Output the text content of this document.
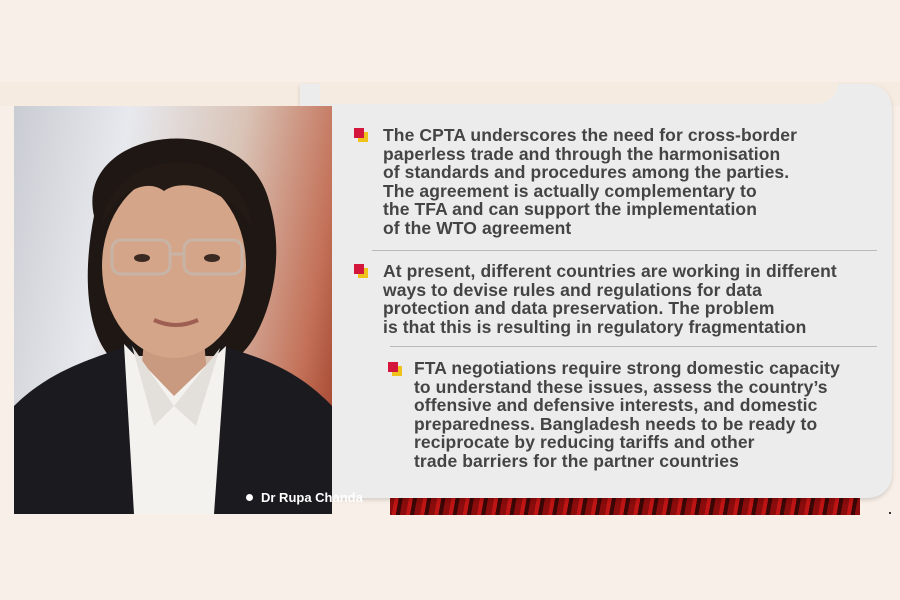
Dr Rupa Chanda
The CPTA underscores the need for cross-border
paperless trade and through the harmonisation
of standards and procedures among the parties.
The agreement is actually complementary to
the TFA and can support the implementation
of the WTO agreement
At present, different countries are working in different
ways to devise rules and regulations for data
protection and data preservation. The problem
is that this is resulting in regulatory fragmentation
FTA negotiations require strong domestic capacity
to understand these issues, assess the country’s
offensive and defensive interests, and domestic
preparedness. Bangladesh needs to be ready to
reciprocate by reducing tariffs and other
trade barriers for the partner countries
